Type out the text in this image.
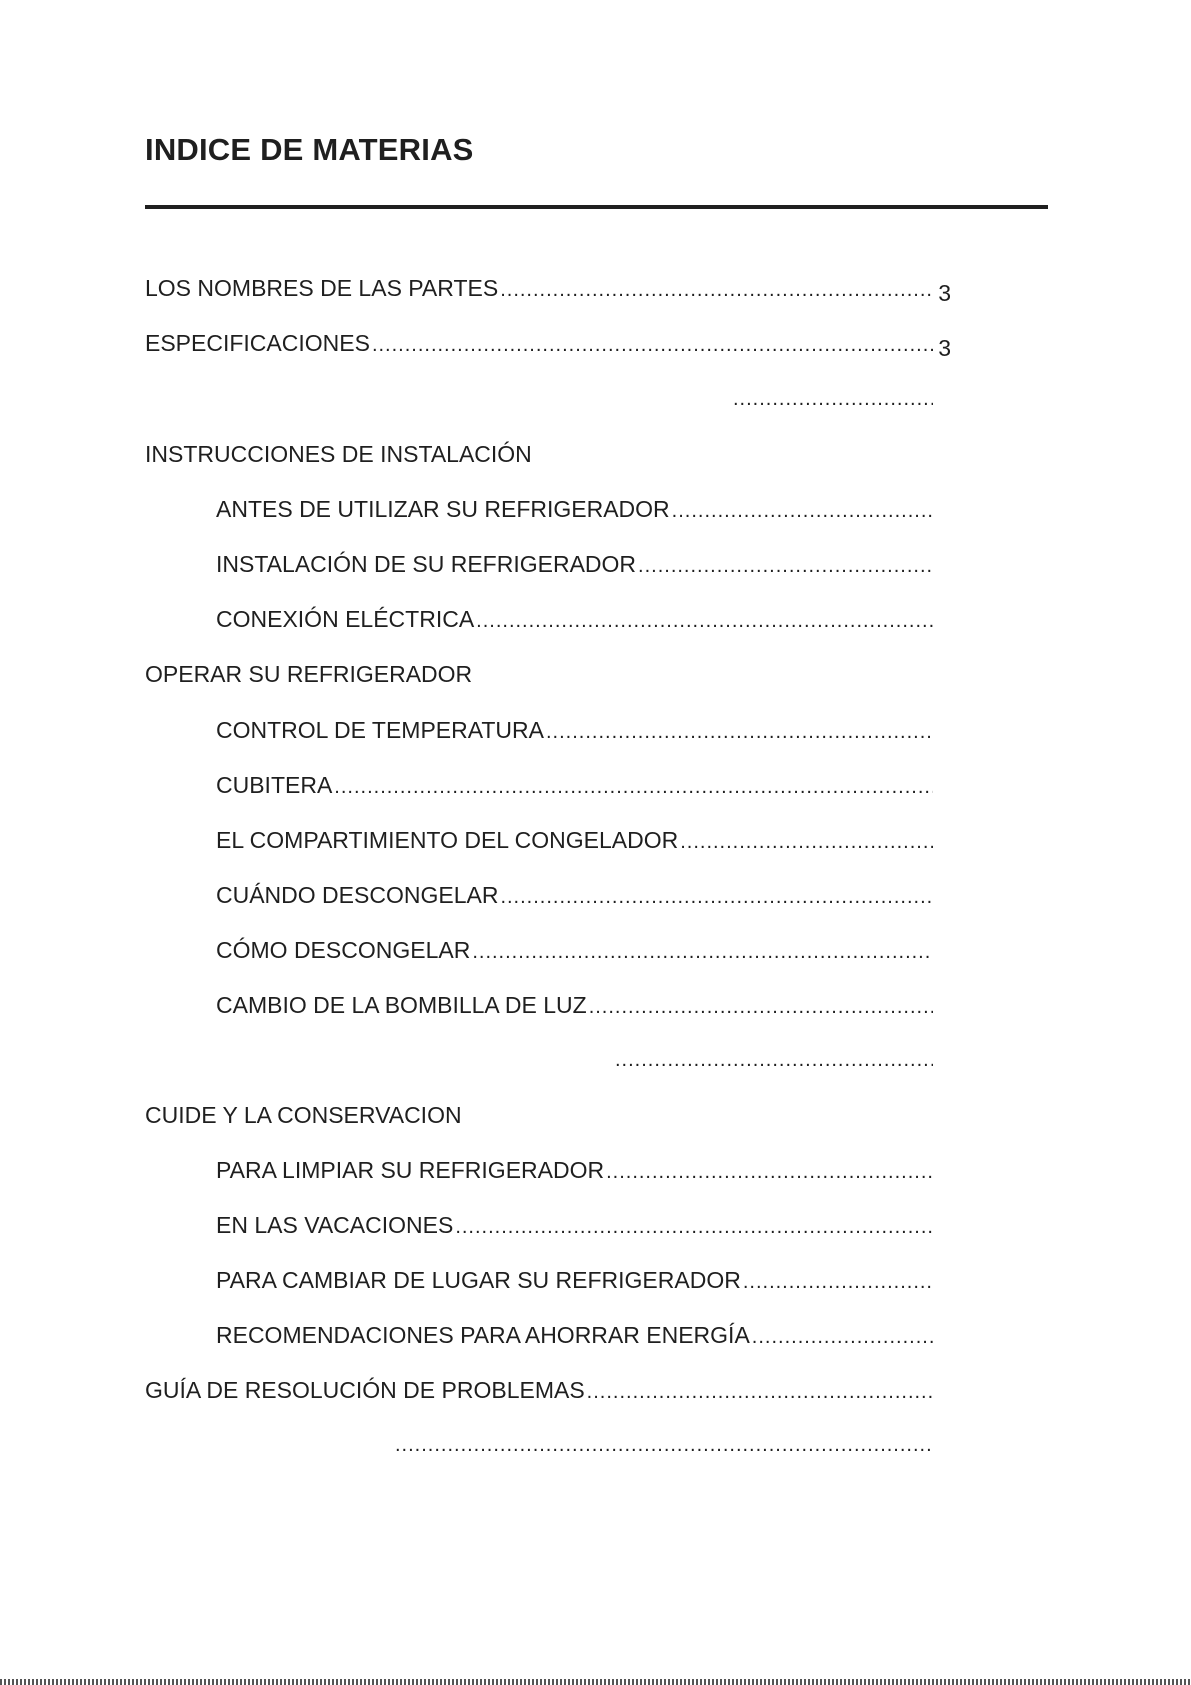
INDICE DE MATERIAS
LOS NOMBRES DE LAS PARTES .....	3
ESPECIFICACIONES .....	3
.....
INSTRUCCIONES DE INSTALACIÓN
ANTES DE UTILIZAR SU REFRIGERADOR
.....
INSTALACIÓN DE SU REFRIGERADOR
.....
CONEXIÓN ELÉCTRICA
.....
OPERAR SU REFRIGERADOR
CONTROL DE TEMPERATURA
.....
CUBITERA
.....
EL COMPARTIMIENTO DEL CONGELADOR
.....
CUÁNDO DESCONGELAR
.....
CÓMO DESCONGELAR
.....
CAMBIO DE LA BOMBILLA DE LUZ
.....
.....
CUIDE Y LA CONSERVACION
PARA LIMPIAR SU REFRIGERADOR
.....
EN LAS VACACIONES
.....
PARA CAMBIAR DE LUGAR SU REFRIGERADOR
.....
RECOMENDACIONES PARA AHORRAR ENERGÍA
.....
GUÍA DE RESOLUCIÓN DE PROBLEMAS
.....
.....
